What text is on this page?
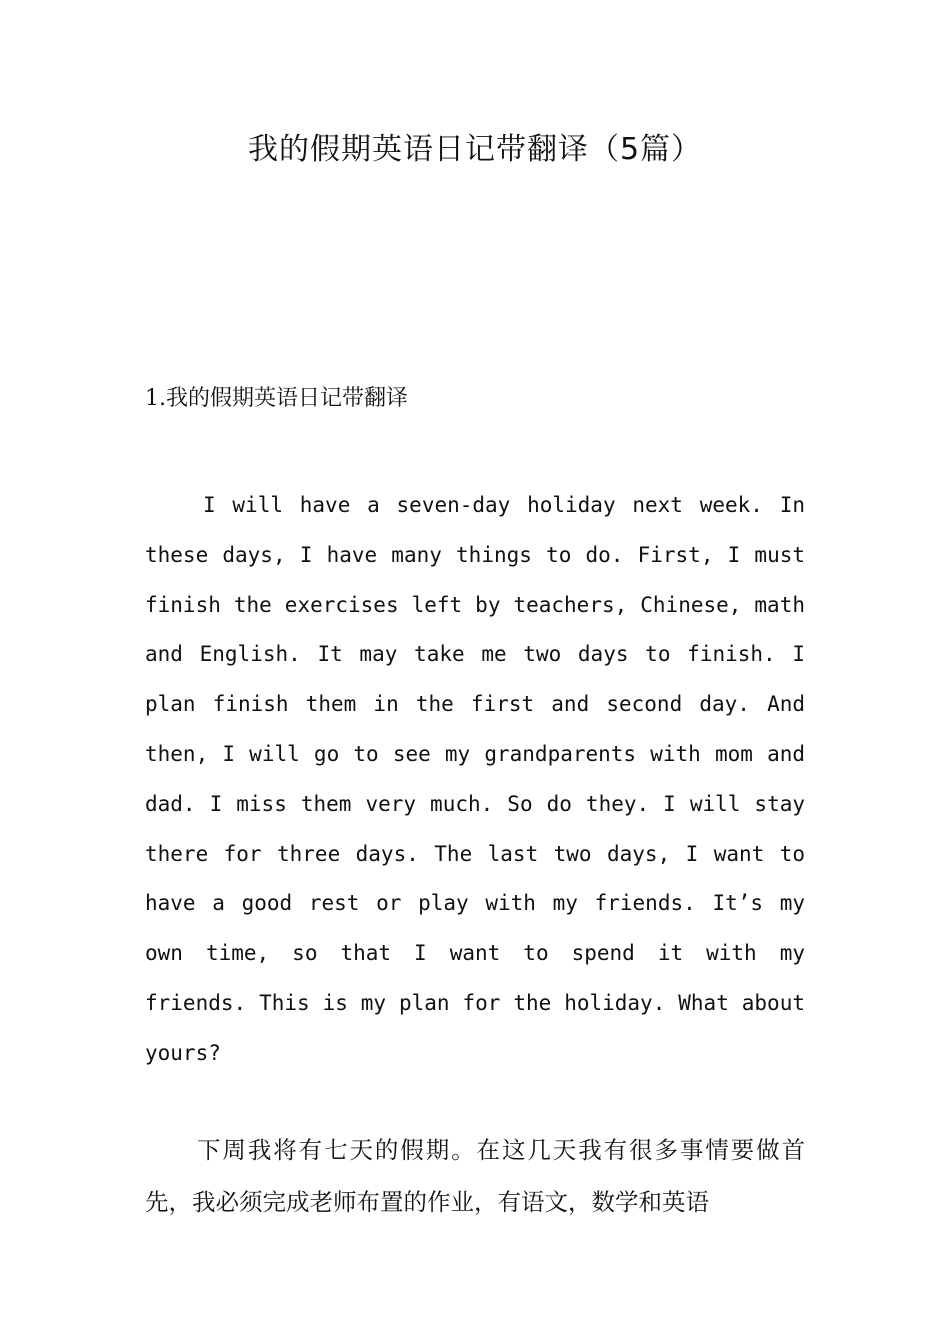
我的假期英语日记带翻译（5篇）
1.我的假期英语日记带翻译

I will have a seven-day holiday next week. In these days, I have many things to do. First, I must finish the exercises left by teachers, Chinese, math and English. It may take me two days to finish. I plan finish them in the first and second day. And then, I will go to see my grandparents with mom and dad. I miss them very much. So do they. I will stay there for three days. The last two days, I want to have a good rest or play with my friends. It’s my own time, so that I want to spend it with my friends. This is my plan for the holiday. What about yours?

下周我将有七天的假期。在这几天我有很多事情要做首先，我必须完成老师布置的作业，有语文，数学和英语
